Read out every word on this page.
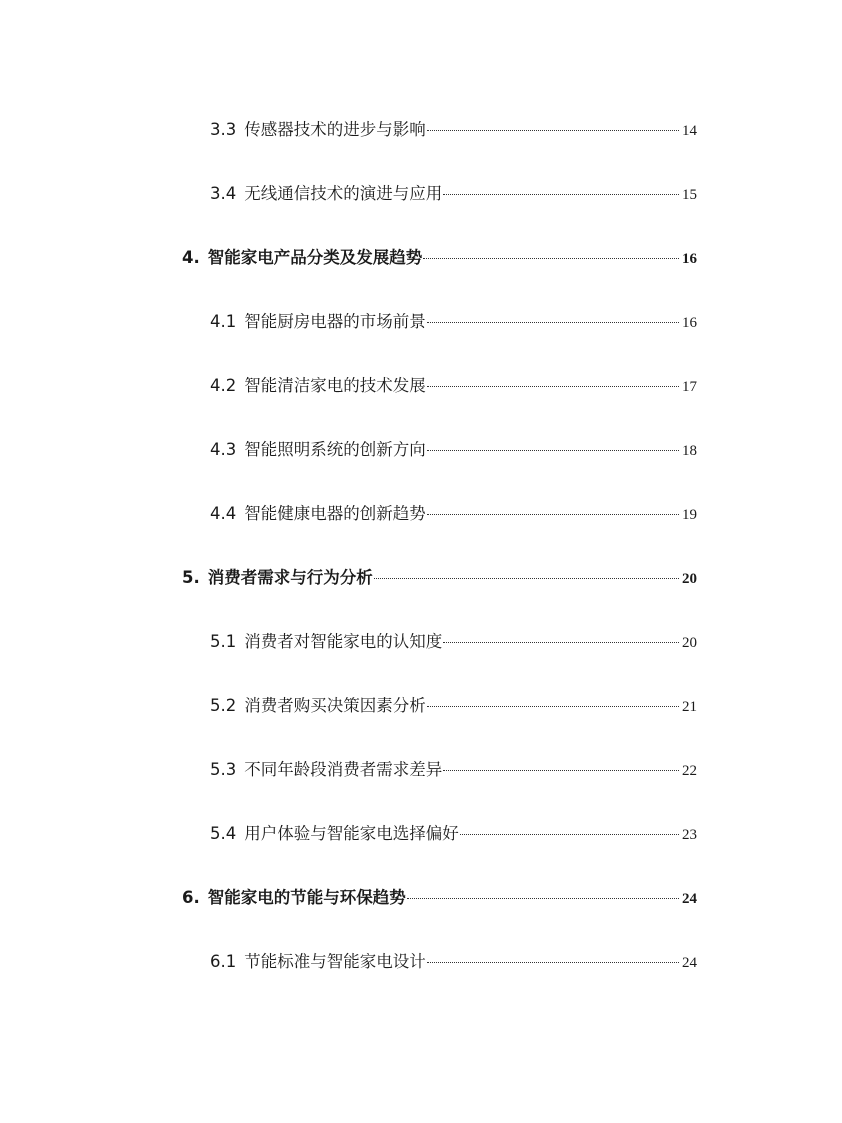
3.3 传感器技术的进步与影响	14
3.4 无线通信技术的演进与应用	15
4. 智能家电产品分类及发展趋势	16
4.1 智能厨房电器的市场前景	16
4.2 智能清洁家电的技术发展	17
4.3 智能照明系统的创新方向	18
4.4 智能健康电器的创新趋势	19
5. 消费者需求与行为分析	20
5.1 消费者对智能家电的认知度	20
5.2 消费者购买决策因素分析	21
5.3 不同年龄段消费者需求差异	22
5.4 用户体验与智能家电选择偏好	23
6. 智能家电的节能与环保趋势	24
6.1 节能标准与智能家电设计	24
